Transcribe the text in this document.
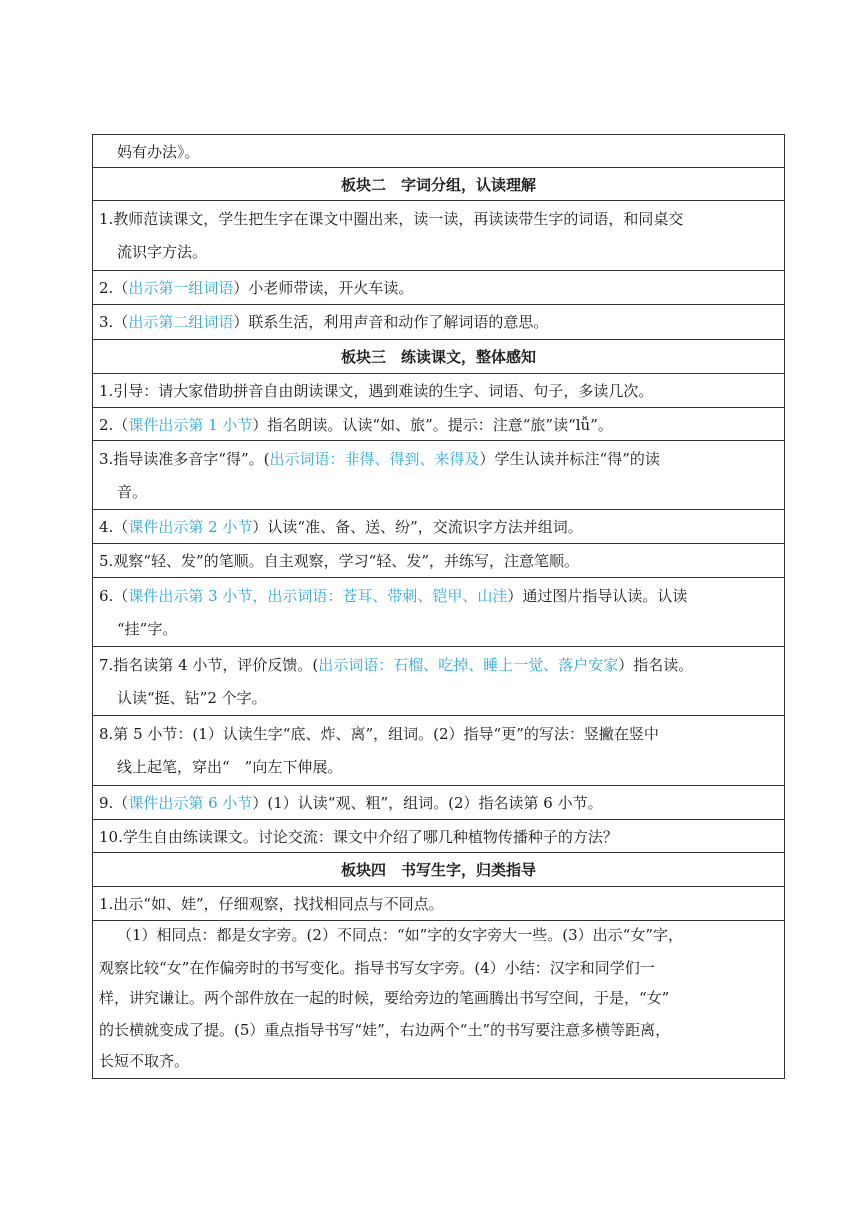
妈有办法》。
板块二　字词分组，认读理解
1.教师范读课文，学生把生字在课文中圈出来，读一读，再读读带生字的词语，和同桌交
流识字方法。
2.（出示第一组词语）小老师带读，开火车读。
3.（出示第二组词语）联系生活，利用声音和动作了解词语的意思。
板块三　练读课文，整体感知
1.引导：请大家借助拼音自由朗读课文，遇到难读的生字、词语、句子，多读几次。
2.（课件出示第 1 小节）指名朗读。认读“如、旅”。提示：注意“旅”读“lǚ”。
3.指导读准多音字“得”。(出示词语：非得、得到、来得及）学生认读并标注“得”的读
音。
4.（课件出示第 2 小节）认读“准、备、送、纷”，交流识字方法并组词。
5.观察“轻、发”的笔顺。自主观察，学习“轻、发”，并练写，注意笔顺。
6.（课件出示第 3 小节，出示词语：苍耳、带刺、铠甲、山洼）通过图片指导认读。认读
“挂”字。
7.指名读第 4 小节，评价反馈。(出示词语：石榴、吃掉、睡上一觉、落户安家）指名读。
认读“挺、钻”2 个字。
8.第 5 小节：(1）认读生字“底、炸、离”，组词。(2）指导“更”的写法：竖撇在竖中
线上起笔，穿出“　”向左下伸展。
9.（课件出示第 6 小节）(1）认读“观、粗”，组词。(2）指名读第 6 小节。
10.学生自由练读课文。讨论交流：课文中介绍了哪几种植物传播种子的方法？
板块四　书写生字，归类指导
1.出示“如、娃”，仔细观察，找找相同点与不同点。
（1）相同点：都是女字旁。(2）不同点：“如”字的女字旁大一些。(3）出示“女”字，
观察比较“女”在作偏旁时的书写变化。指导书写女字旁。(4）小结：汉字和同学们一
样，讲究谦让。两个部件放在一起的时候，要给旁边的笔画腾出书写空间，于是，“女”
的长横就变成了提。(5）重点指导书写“娃”，右边两个“土”的书写要注意多横等距离，
长短不取齐。
